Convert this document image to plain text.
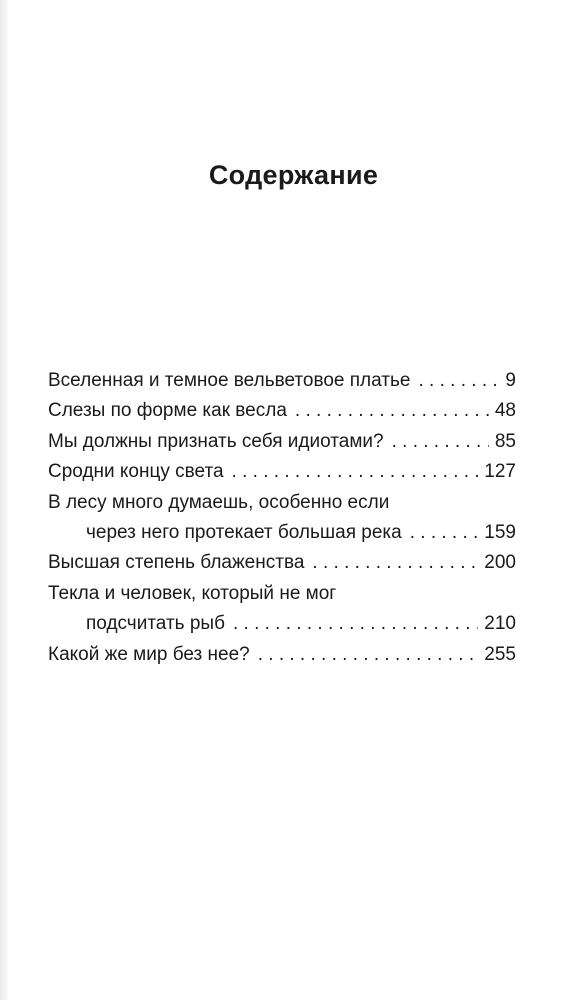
Содержание
Вселенная и темное вельветовое платье . . .	9
Слезы по форме как весла . . .	48
Мы должны признать себя идиотами? . . .	85
Сродни концу света . . .	127
В лесу много думаешь, особенно если
через него протекает большая река . . .	159
Высшая степень блаженства . . .	200
Текла и человек, который не мог
подсчитать рыб . . .	210
Какой же мир без нее? . . .	255
